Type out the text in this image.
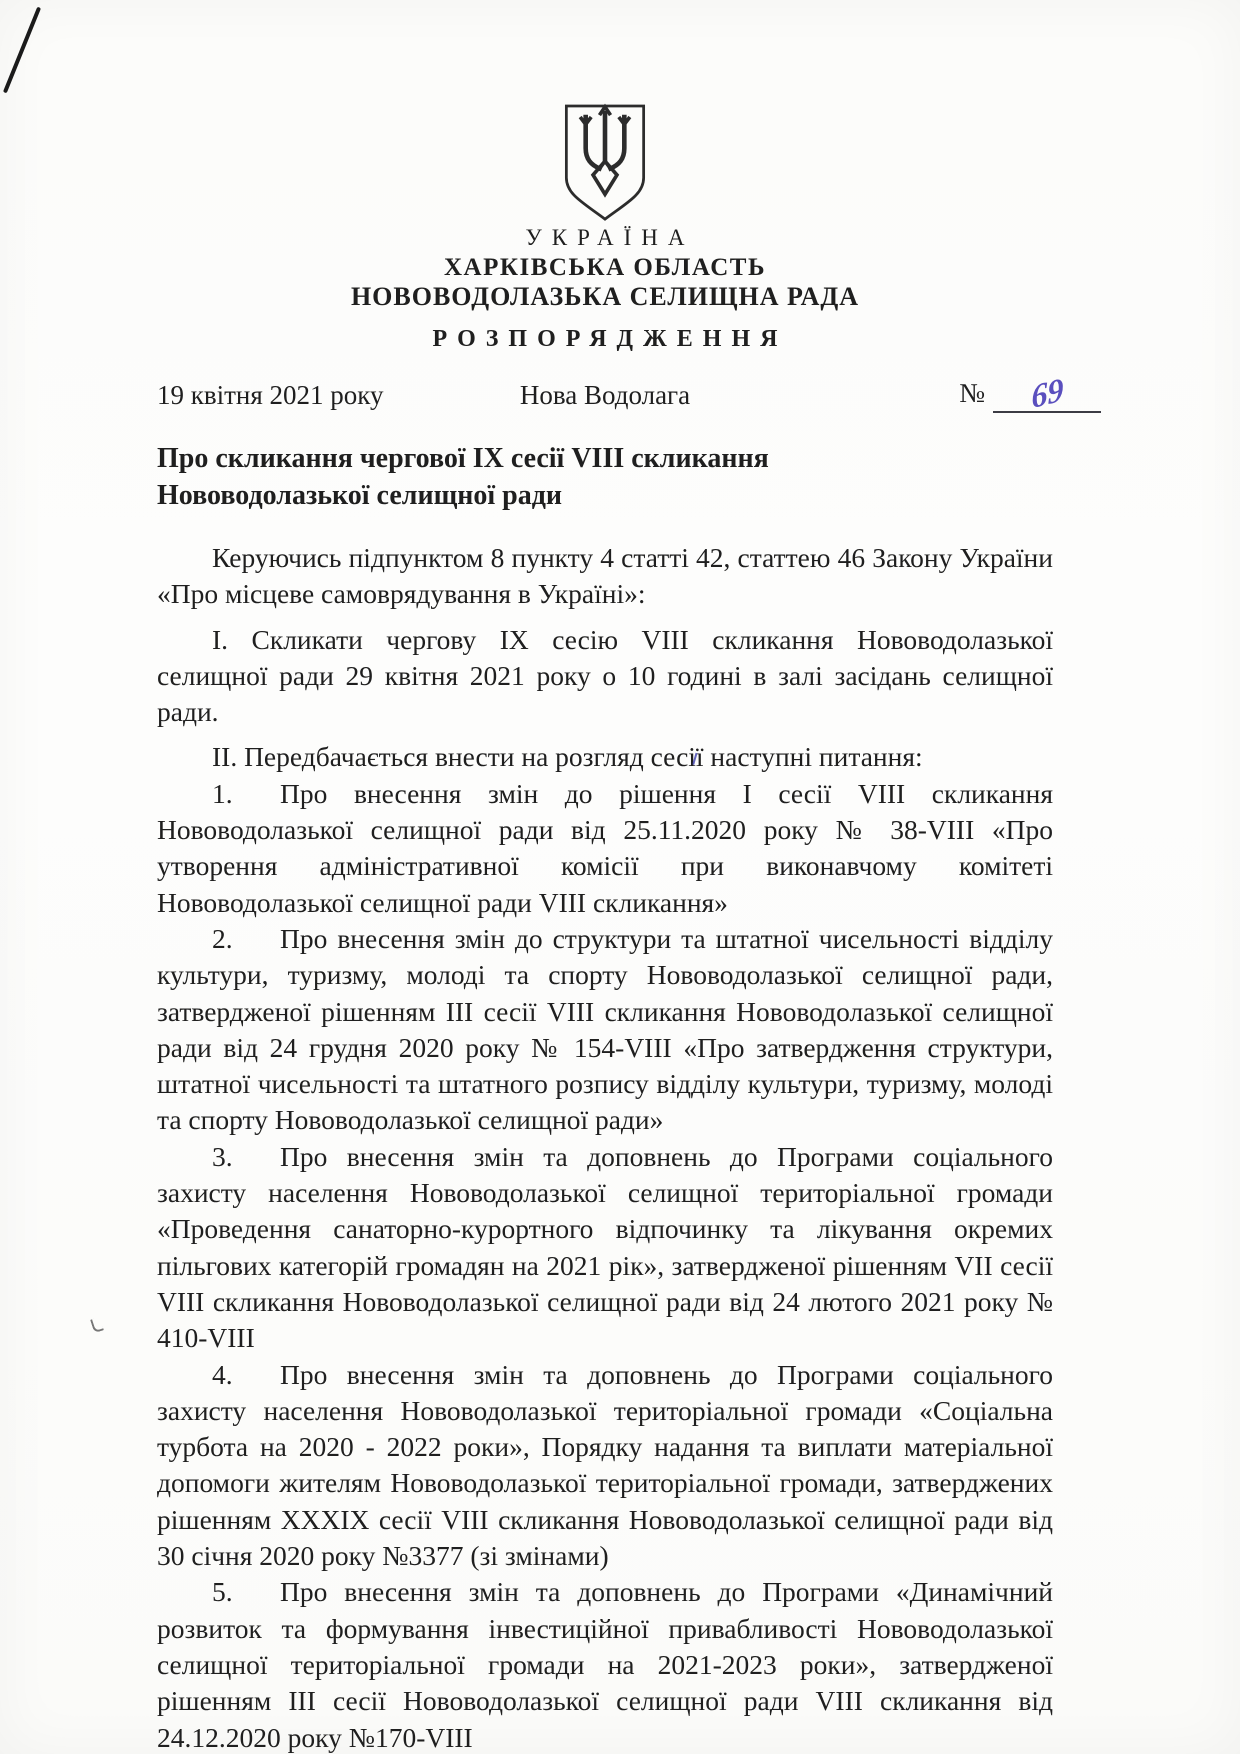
УКРАЇНА
ХАРКІВСЬКА ОБЛАСТЬ
НОВОВОДОЛАЗЬКА СЕЛИЩНА РАДА
РОЗПОРЯДЖЕННЯ
19 квітня 2021 року	Нова Водолага	№ 69
Про скликання чергової IX сесії VIII скликання
Нововодолазької селищної ради

Керуючись підпунктом 8 пункту 4 статті 42, статтею 46 Закону України «Про місцеве самоврядування в Україні»:

І. Скликати чергову IX сесію VIII скликання Нововодолазької селищної ради 29 квітня 2021 року о 10 годині в залі засідань селищної ради.

ІІ. Передбачається внести на розгляд сесії наступні питання:

1. Про внесення змін до рішення І сесії VIII скликання Нововодолазької селищної ради від 25.11.2020 року № 38-VIII «Про утворення адміністративної комісії при виконавчому комітеті Нововодолазької селищної ради VIII скликання»

2. Про внесення змін до структури та штатної чисельності відділу культури, туризму, молоді та спорту Нововодолазької селищної ради, затвердженої рішенням ІІІ сесії VIII скликання Нововодолазької селищної ради від 24 грудня 2020 року № 154-VIII «Про затвердження структури, штатної чисельності та штатного розпису відділу культури, туризму, молоді та спорту Нововодолазької селищної ради»

3. Про внесення змін та доповнень до Програми соціального захисту населення Нововодолазької селищної територіальної громади «Проведення санаторно-курортного відпочинку та лікування окремих пільгових категорій громадян на 2021 рік», затвердженої рішенням VII сесії VIII скликання Нововодолазької селищної ради від 24 лютого 2021 року № 410-VIII

4. Про внесення змін та доповнень до Програми соціального захисту населення Нововодолазької територіальної громади «Соціальна турбота на 2020 - 2022 роки», Порядку надання та виплати матеріальної допомоги жителям Нововодолазької територіальної громади, затверджених рішенням XXXIX сесії VIII скликання Нововодолазької селищної ради від 30 січня 2020 року №3377 (зі змінами)

5. Про внесення змін та доповнень до Програми «Динамічний розвиток та формування інвестиційної привабливості Нововодолазької селищної територіальної громади на 2021-2023 роки», затвердженої рішенням ІІІ сесії Нововодолазької селищної ради VIII скликання від 24.12.2020 року №170-VIII
